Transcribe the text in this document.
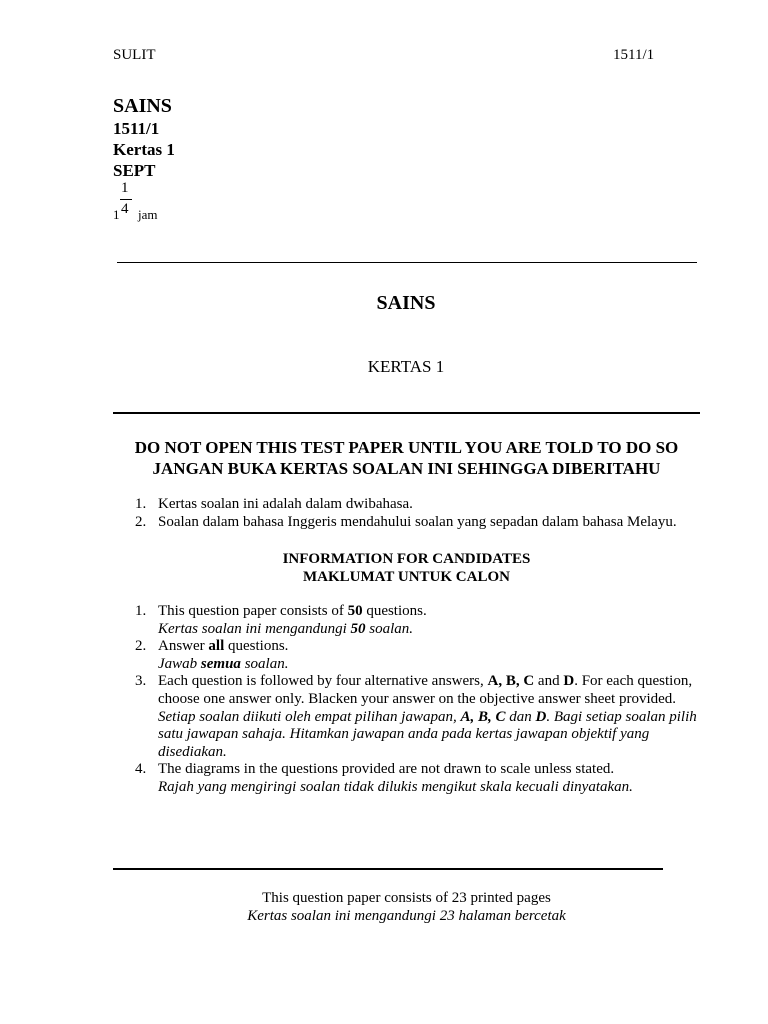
SULIT	1511/1
SAINS
1511/1
Kertas 1
SEPT
1
1
4 jam
SAINS
KERTAS 1
DO NOT OPEN THIS TEST PAPER UNTIL YOU ARE TOLD TO DO SO
JANGAN BUKA KERTAS SOALAN INI SEHINGGA DIBERITAHU
1. Kertas soalan ini adalah dalam dwibahasa.
2. Soalan dalam bahasa Inggeris mendahului soalan yang sepadan dalam bahasa Melayu.
INFORMATION FOR CANDIDATES
MAKLUMAT UNTUK CALON
1. This question paper consists of 50 questions.
Kertas soalan ini mengandungi 50 soalan.
2. Answer all questions.
Jawab semua soalan.
3. Each question is followed by four alternative answers, A, B, C and D. For each question,
choose one answer only. Blacken your answer on the objective answer sheet provided.
Setiap soalan diikuti oleh empat pilihan jawapan, A, B, C dan D. Bagi setiap soalan pilih
satu jawapan sahaja. Hitamkan jawapan anda pada kertas jawapan objektif yang
disediakan.
4. The diagrams in the questions provided are not drawn to scale unless stated.
Rajah yang mengiringi soalan tidak dilukis mengikut skala kecuali dinyatakan.
This question paper consists of 23 printed pages
Kertas soalan ini mengandungi 23 halaman bercetak
